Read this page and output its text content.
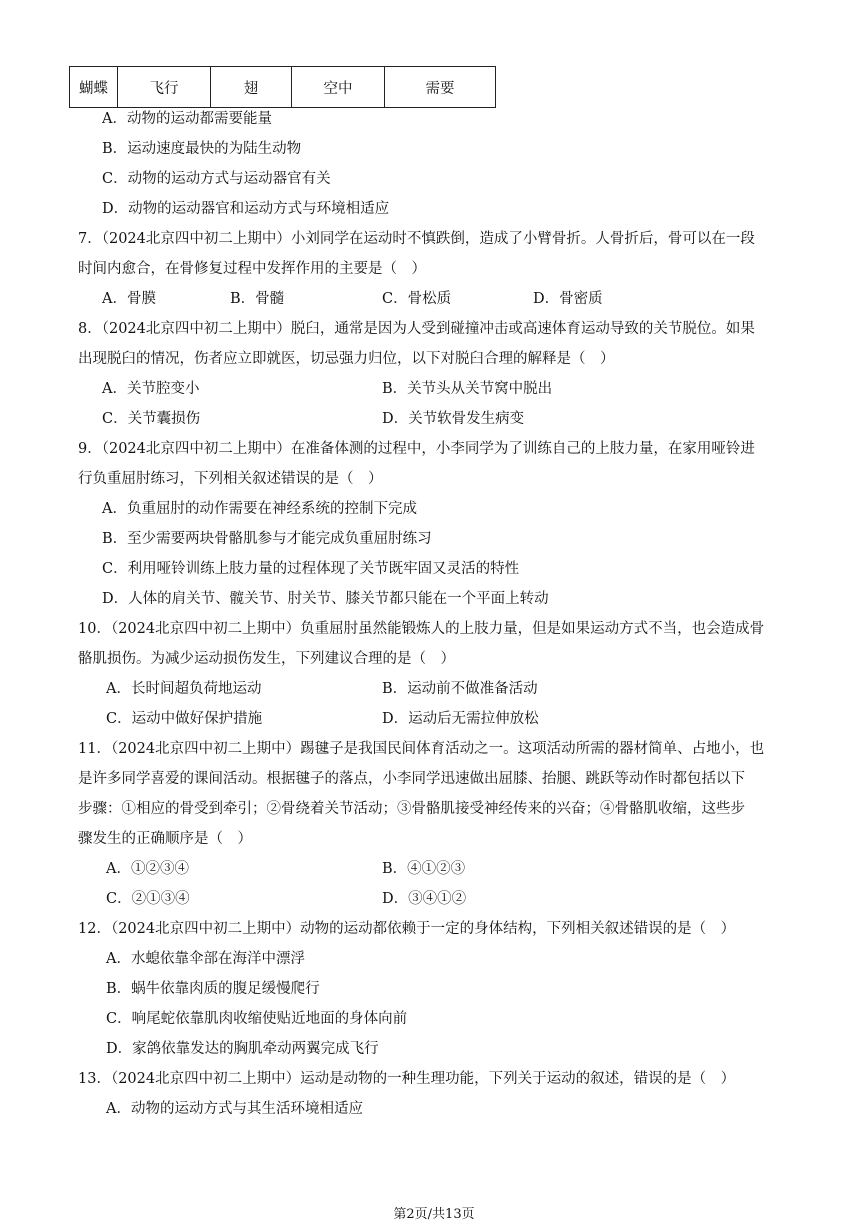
蝴蝶	飞行	翅	空中	需要
A．动物的运动都需要能量
B．运动速度最快的为陆生动物
C．动物的运动方式与运动器官有关
D．动物的运动器官和运动方式与环境相适应
7．（2024北京四中初二上期中）小刘同学在运动时不慎跌倒，造成了小臂骨折。人骨折后，骨可以在一段
时间内愈合，在骨修复过程中发挥作用的主要是（　）
A．骨膜	B．骨髓	C．骨松质	D．骨密质
8．（2024北京四中初二上期中）脱臼，通常是因为人受到碰撞冲击或高速体育运动导致的关节脱位。如果
出现脱臼的情况，伤者应立即就医，切忌强力归位，以下对脱臼合理的解释是（　）
A．关节腔变小	B．关节头从关节窝中脱出
C．关节囊损伤	D．关节软骨发生病变
9．（2024北京四中初二上期中）在准备体测的过程中，小李同学为了训练自己的上肢力量，在家用哑铃进
行负重屈肘练习，下列相关叙述错误的是（　）
A．负重屈肘的动作需要在神经系统的控制下完成
B．至少需要两块骨骼肌参与才能完成负重屈肘练习
C．利用哑铃训练上肢力量的过程体现了关节既牢固又灵活的特性
D．人体的肩关节、髋关节、肘关节、膝关节都只能在一个平面上转动
10．（2024北京四中初二上期中）负重屈肘虽然能锻炼人的上肢力量，但是如果运动方式不当，也会造成骨
骼肌损伤。为减少运动损伤发生，下列建议合理的是（　）
A．长时间超负荷地运动	B．运动前不做准备活动
C．运动中做好保护措施	D．运动后无需拉伸放松
11．（2024北京四中初二上期中）踢毽子是我国民间体育活动之一。这项活动所需的器材简单、占地小，也
是许多同学喜爱的课间活动。根据毽子的落点，小李同学迅速做出屈膝、抬腿、跳跃等动作时都包括以下
步骤：①相应的骨受到牵引；②骨绕着关节活动；③骨骼肌接受神经传来的兴奋；④骨骼肌收缩，这些步
骤发生的正确顺序是（　）
A．①②③④	B．④①②③
C．②①③④	D．③④①②
12．（2024北京四中初二上期中）动物的运动都依赖于一定的身体结构，下列相关叙述错误的是（　）
A．水螅依靠伞部在海洋中漂浮
B．蜗牛依靠肉质的腹足缓慢爬行
C．响尾蛇依靠肌肉收缩使贴近地面的身体向前
D．家鸽依靠发达的胸肌牵动两翼完成飞行
13．（2024北京四中初二上期中）运动是动物的一种生理功能，下列关于运动的叙述，错误的是（　）
A．动物的运动方式与其生活环境相适应
第2页/共13页
